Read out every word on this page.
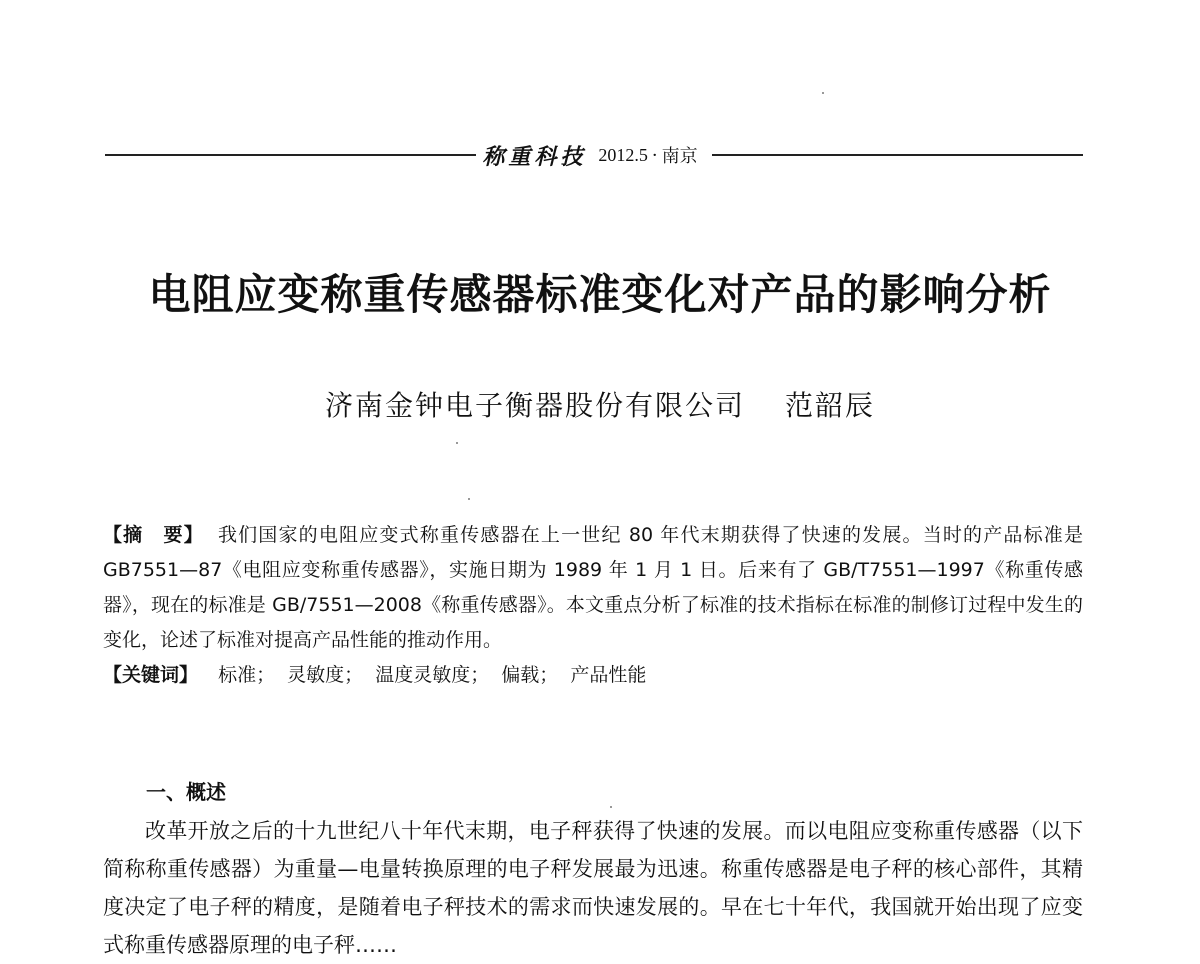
称重科技 2012.5 · 南京
电阻应变称重传感器标准变化对产品的影响分析
济南金钟电子衡器股份有限公司 范韶辰
【摘　要】 我们国家的电阻应变式称重传感器在上一世纪 80 年代末期获得了快速的发展。当时的产品标准是 GB7551—87《电阻应变称重传感器》，实施日期为 1989 年 1 月 1 日。后来有了 GB/T7551—1997《称重传感器》，现在的标准是 GB/7551—2008《称重传感器》。本文重点分析了标准的技术指标在标准的制修订过程中发生的变化，论述了标准对提高产品性能的推动作用。
【关键词】 标准； 灵敏度； 温度灵敏度； 偏载； 产品性能
一、概述

改革开放之后的十九世纪八十年代末期，电子秤获得了快速的发展。而以电阻应变称重传感器（以下简称称重传感器）为重量—电量转换原理的电子秤发展最为迅速。称重传感器是电子秤的核心部件，其精度决定了电子秤的精度，是随着电子秤技术的需求而快速发展的。早在七十年代，我国就开始出现了应变式称重传感器原理的电子秤……
